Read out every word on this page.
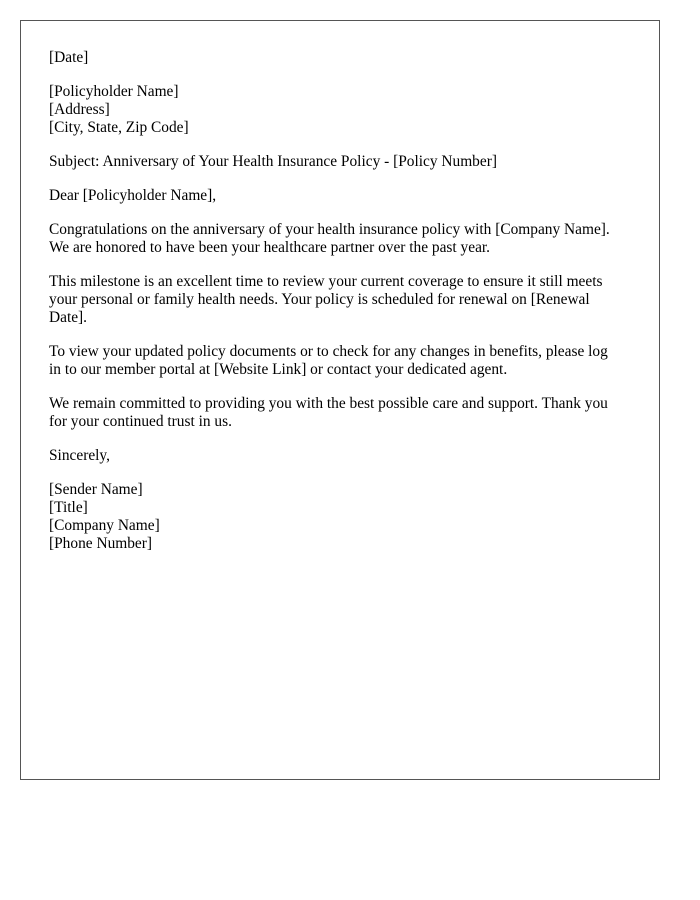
[Date]
[Policyholder Name]
[Address]
[City, State, Zip Code]
Subject: Anniversary of Your Health Insurance Policy - [Policy Number]
Dear [Policyholder Name],

Congratulations on the anniversary of your health insurance policy with [Company Name].
We are honored to have been your healthcare partner over the past year.

This milestone is an excellent time to review your current coverage to ensure it still meets
your personal or family health needs. Your policy is scheduled for renewal on [Renewal
Date].

To view your updated policy documents or to check for any changes in benefits, please log
in to our member portal at [Website Link] or contact your dedicated agent.

We remain committed to providing you with the best possible care and support. Thank you
for your continued trust in us.

Sincerely,
[Sender Name]
[Title]
[Company Name]
[Phone Number]
